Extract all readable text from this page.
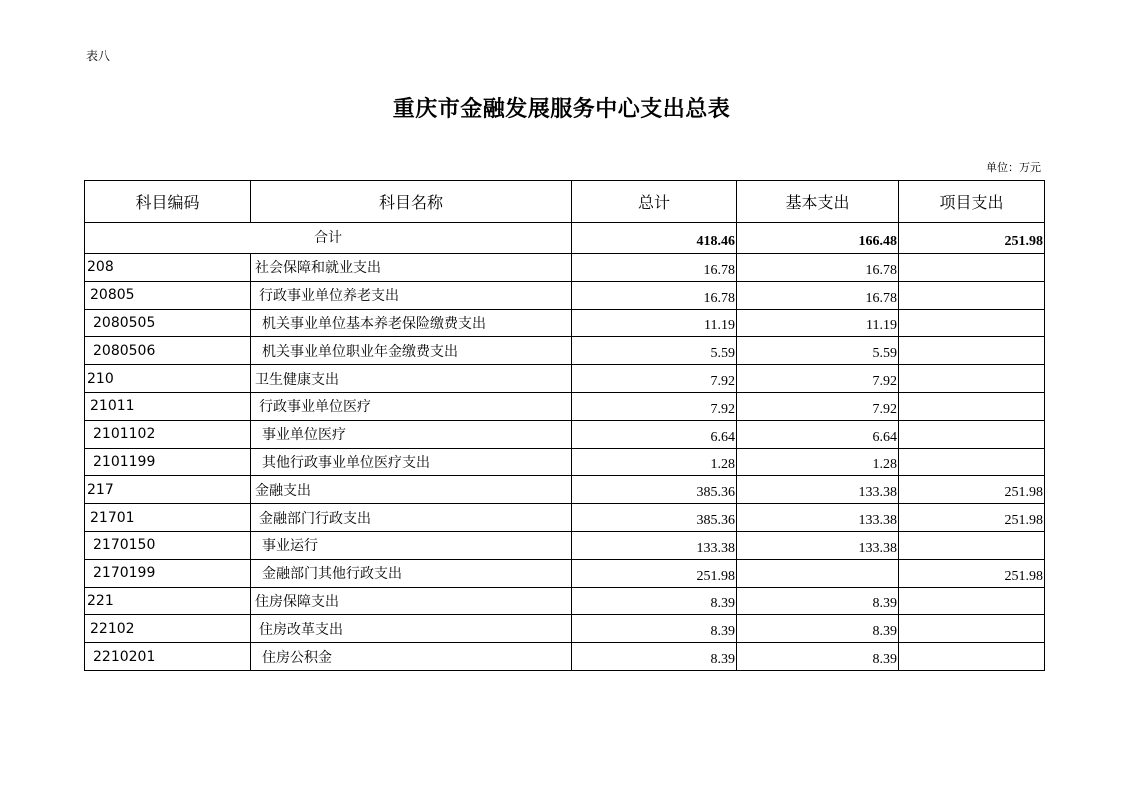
表八
重庆市金融发展服务中心支出总表
单位：万元
科目编码	科目名称	总计	基本支出	项目支出
合计		418.46	166.48	251.98
208	社会保障和就业支出	16.78	16.78	
20805	行政事业单位养老支出	16.78	16.78	
2080505	机关事业单位基本养老保险缴费支出	11.19	11.19	
2080506	机关事业单位职业年金缴费支出	5.59	5.59	
210	卫生健康支出	7.92	7.92	
21011	行政事业单位医疗	7.92	7.92	
2101102	事业单位医疗	6.64	6.64	
2101199	其他行政事业单位医疗支出	1.28	1.28	
217	金融支出	385.36	133.38	251.98
21701	金融部门行政支出	385.36	133.38	251.98
2170150	事业运行	133.38	133.38	
2170199	金融部门其他行政支出	251.98		251.98
221	住房保障支出	8.39	8.39	
22102	住房改革支出	8.39	8.39	
2210201	住房公积金	8.39	8.39	
